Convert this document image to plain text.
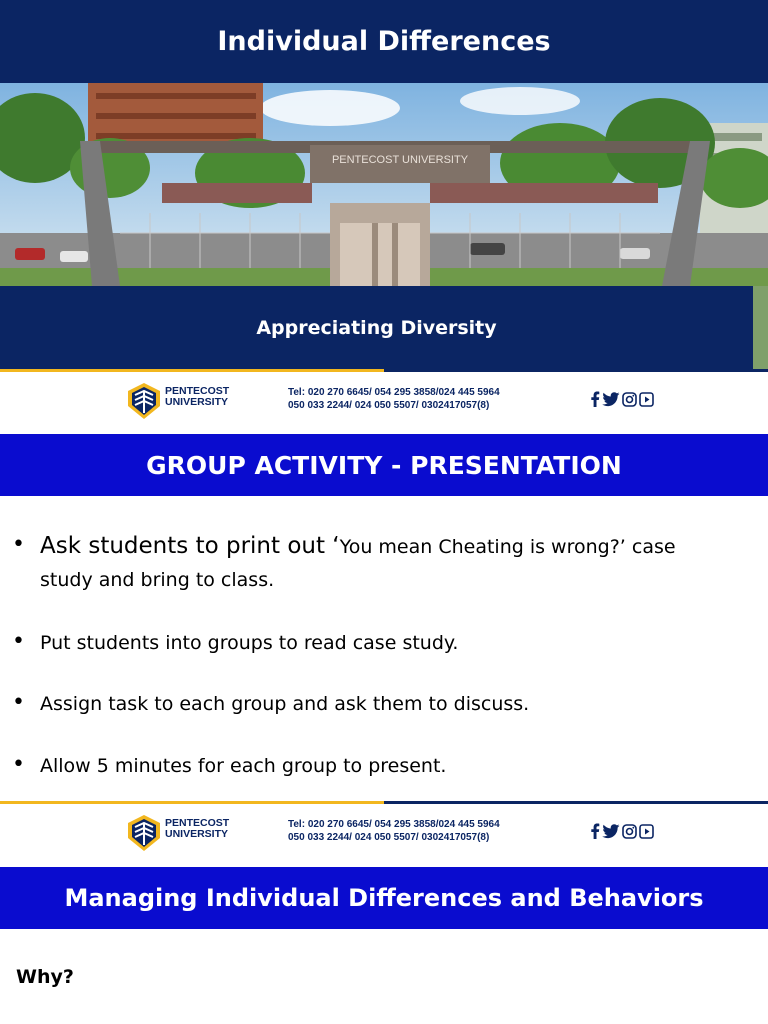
Individual Differences
PENTECOST UNIVERSITY
Appreciating Diversity
PENTECOST
UNIVERSITY
Tel: 020 270 6645/ 054 295 3858/024 445 5964
050 033 2244/ 024 050 5507/ 0302417057(8)
GROUP ACTIVITY - PRESENTATION
• Ask students to print out ‘You mean Cheating is wrong?’ case study and bring to class.
• Put students into groups to read case study.
• Assign task to each group and ask them to discuss.
• Allow 5 minutes for each group to present.
PENTECOST
UNIVERSITY
Tel: 020 270 6645/ 054 295 3858/024 445 5964
050 033 2244/ 024 050 5507/ 0302417057(8)
Managing Individual Differences and Behaviors
Why?
